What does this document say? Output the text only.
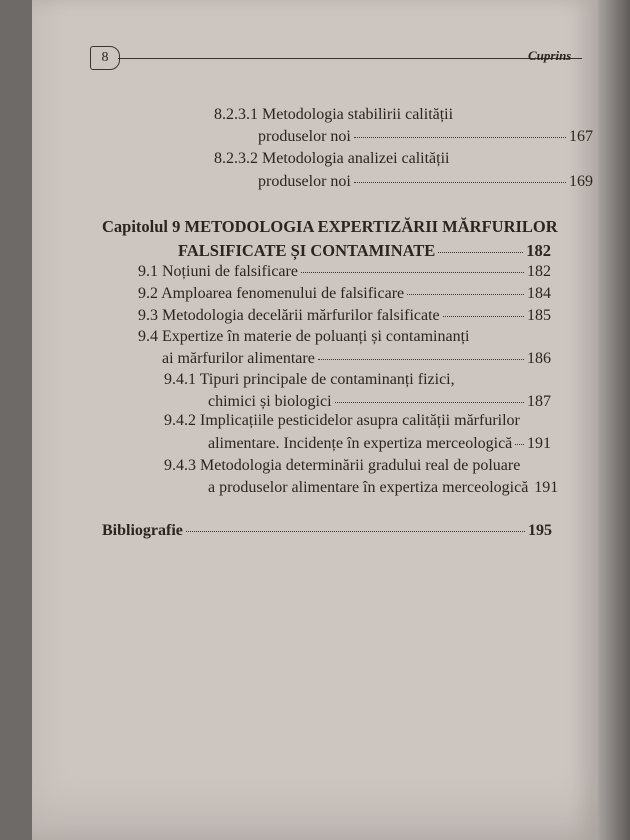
8	Cuprins
8.2.3.1 Metodologia stabilirii calității
produselor noi	167
8.2.3.2 Metodologia analizei calității
produselor noi	169
Capitolul 9 METODOLOGIA EXPERTIZĂRII MĂRFURILOR
FALSIFICATE ȘI CONTAMINATE	182
9.1 Noțiuni de falsificare	182
9.2 Amploarea fenomenului de falsificare	184
9.3 Metodologia decelării mărfurilor falsificate	185
9.4 Expertize în materie de poluanți și contaminanți
ai mărfurilor alimentare	186
9.4.1 Tipuri principale de contaminanți fizici,
chimici și biologici	187
9.4.2 Implicațiile pesticidelor asupra calității mărfurilor
alimentare. Incidențe în expertiza merceologică 191
9.4.3 Metodologia determinării gradului real de poluare
a produselor alimentare în expertiza merceologică 191
Bibliografie	195
